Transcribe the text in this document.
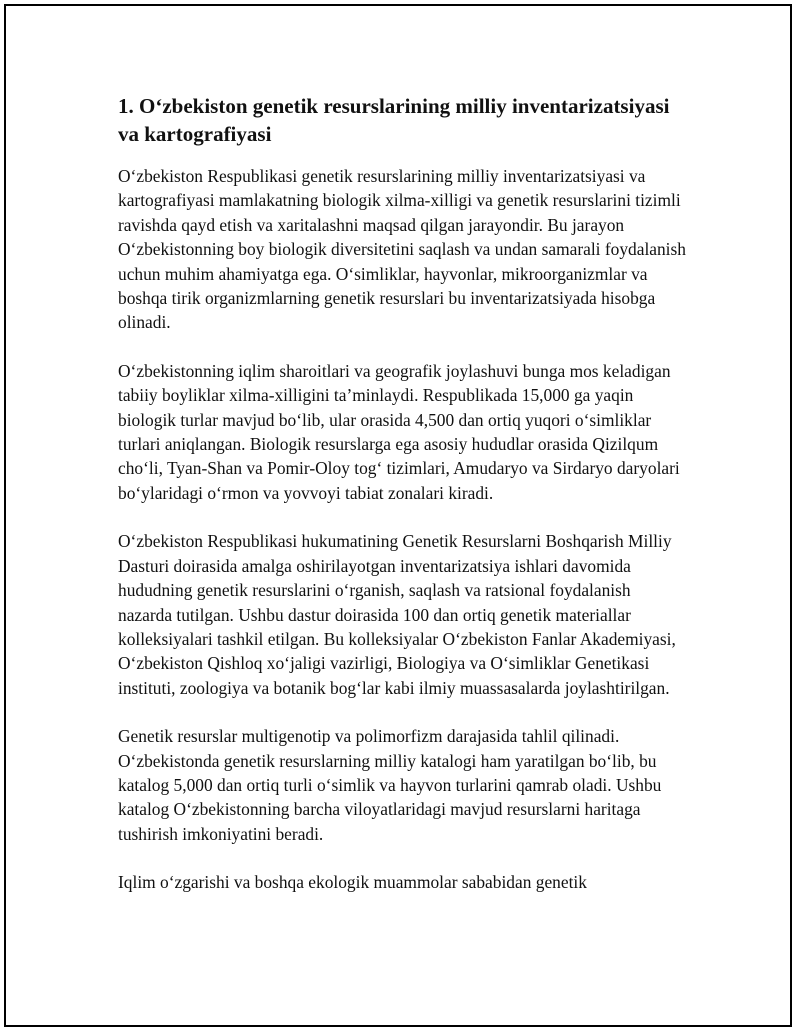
1. O‘zbekiston genetik resurslarining milliy inventarizatsiyasi va kartografiyasi

O‘zbekiston Respublikasi genetik resurslarining milliy inventarizatsiyasi va kartografiyasi mamlakatning biologik xilma-xilligi va genetik resurslarini tizimli ravishda qayd etish va xaritalashni maqsad qilgan jarayondir. Bu jarayon O‘zbekistonning boy biologik diversitetini saqlash va undan samarali foydalanish uchun muhim ahamiyatga ega. O‘simliklar, hayvonlar, mikroorganizmlar va boshqa tirik organizmlarning genetik resurslari bu inventarizatsiyada hisobga olinadi.

O‘zbekistonning iqlim sharoitlari va geografik joylashuvi bunga mos keladigan tabiiy boyliklar xilma-xilligini ta’minlaydi. Respublikada 15,000 ga yaqin biologik turlar mavjud bo‘lib, ular orasida 4,500 dan ortiq yuqori o‘simliklar turlari aniqlangan. Biologik resurslarga ega asosiy hududlar orasida Qizilqum cho‘li, Tyan-Shan va Pomir-Oloy tog‘ tizimlari, Amudaryo va Sirdaryo daryolari bo‘ylaridagi o‘rmon va yovvoyi tabiat zonalari kiradi.

O‘zbekiston Respublikasi hukumatining Genetik Resurslarni Boshqarish Milliy Dasturi doirasida amalga oshirilayotgan inventarizatsiya ishlari davomida hududning genetik resurslarini o‘rganish, saqlash va ratsional foydalanish nazarda tutilgan. Ushbu dastur doirasida 100 dan ortiq genetik materiallar kolleksiyalari tashkil etilgan. Bu kolleksiyalar O‘zbekiston Fanlar Akademiyasi, O‘zbekiston Qishloq xo‘jaligi vazirligi, Biologiya va O‘simliklar Genetikasi instituti, zoologiya va botanik bog‘lar kabi ilmiy muassasalarda joylashtirilgan.

Genetik resurslar multigenotip va polimorfizm darajasida tahlil qilinadi. O‘zbekistonda genetik resurslarning milliy katalogi ham yaratilgan bo‘lib, bu katalog 5,000 dan ortiq turli o‘simlik va hayvon turlarini qamrab oladi. Ushbu katalog O‘zbekistonning barcha viloyatlaridagi mavjud resurslarni haritaga tushirish imkoniyatini beradi.

Iqlim o‘zgarishi va boshqa ekologik muammolar sababidan genetik
